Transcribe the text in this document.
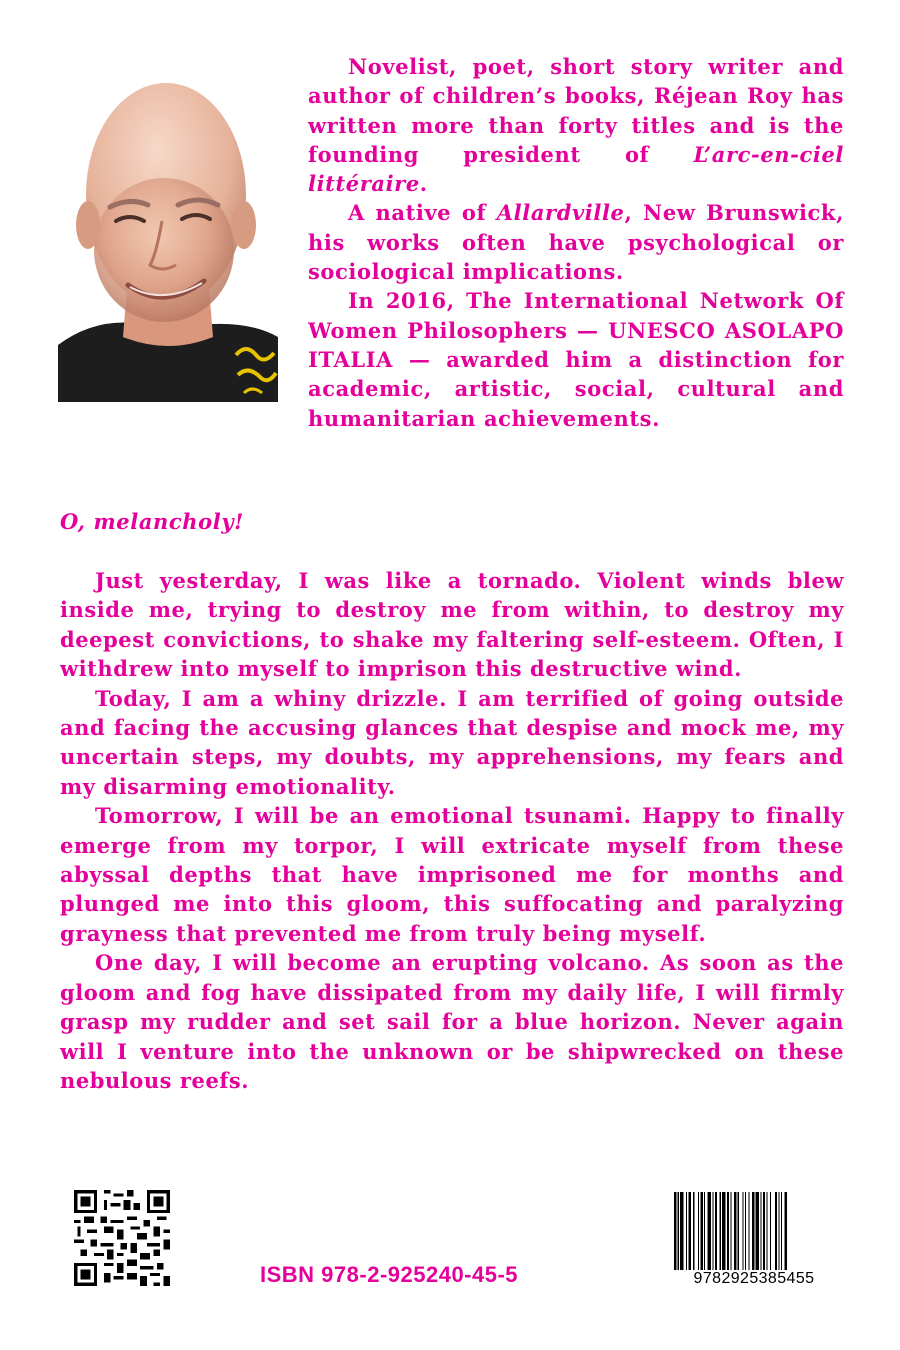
Novelist, poet, short story writer and author of children’s books, Réjean Roy has written more than forty titles and is the founding president of L’arc-en-ciel littéraire.

A native of Allardville, New Brunswick, his works often have psychological or sociological implications.

In 2016, The International Network Of Women Philosophers — UNESCO ASOLAPO ITALIA — awarded him a distinction for academic, artistic, social, cultural and humanitarian achievements.

O, melancholy!

Just yesterday, I was like a tornado. Violent winds blew inside me, trying to destroy me from within, to destroy my deepest convictions, to shake my faltering self-esteem. Often, I withdrew into myself to imprison this destructive wind.

Today, I am a whiny drizzle. I am terrified of going outside and facing the accusing glances that despise and mock me, my uncertain steps, my doubts, my apprehensions, my fears and my disarming emotionality.

Tomorrow, I will be an emotional tsunami. Happy to finally emerge from my torpor, I will extricate myself from these abyssal depths that have imprisoned me for months and plunged me into this gloom, this suffocating and paralyzing grayness that prevented me from truly being myself.

One day, I will become an erupting volcano. As soon as the gloom and fog have dissipated from my daily life, I will firmly grasp my rudder and set sail for a blue horizon. Never again will I venture into the unknown or be shipwrecked on these nebulous reefs.

ISBN 978-2-925240-45-5	9782925385455
